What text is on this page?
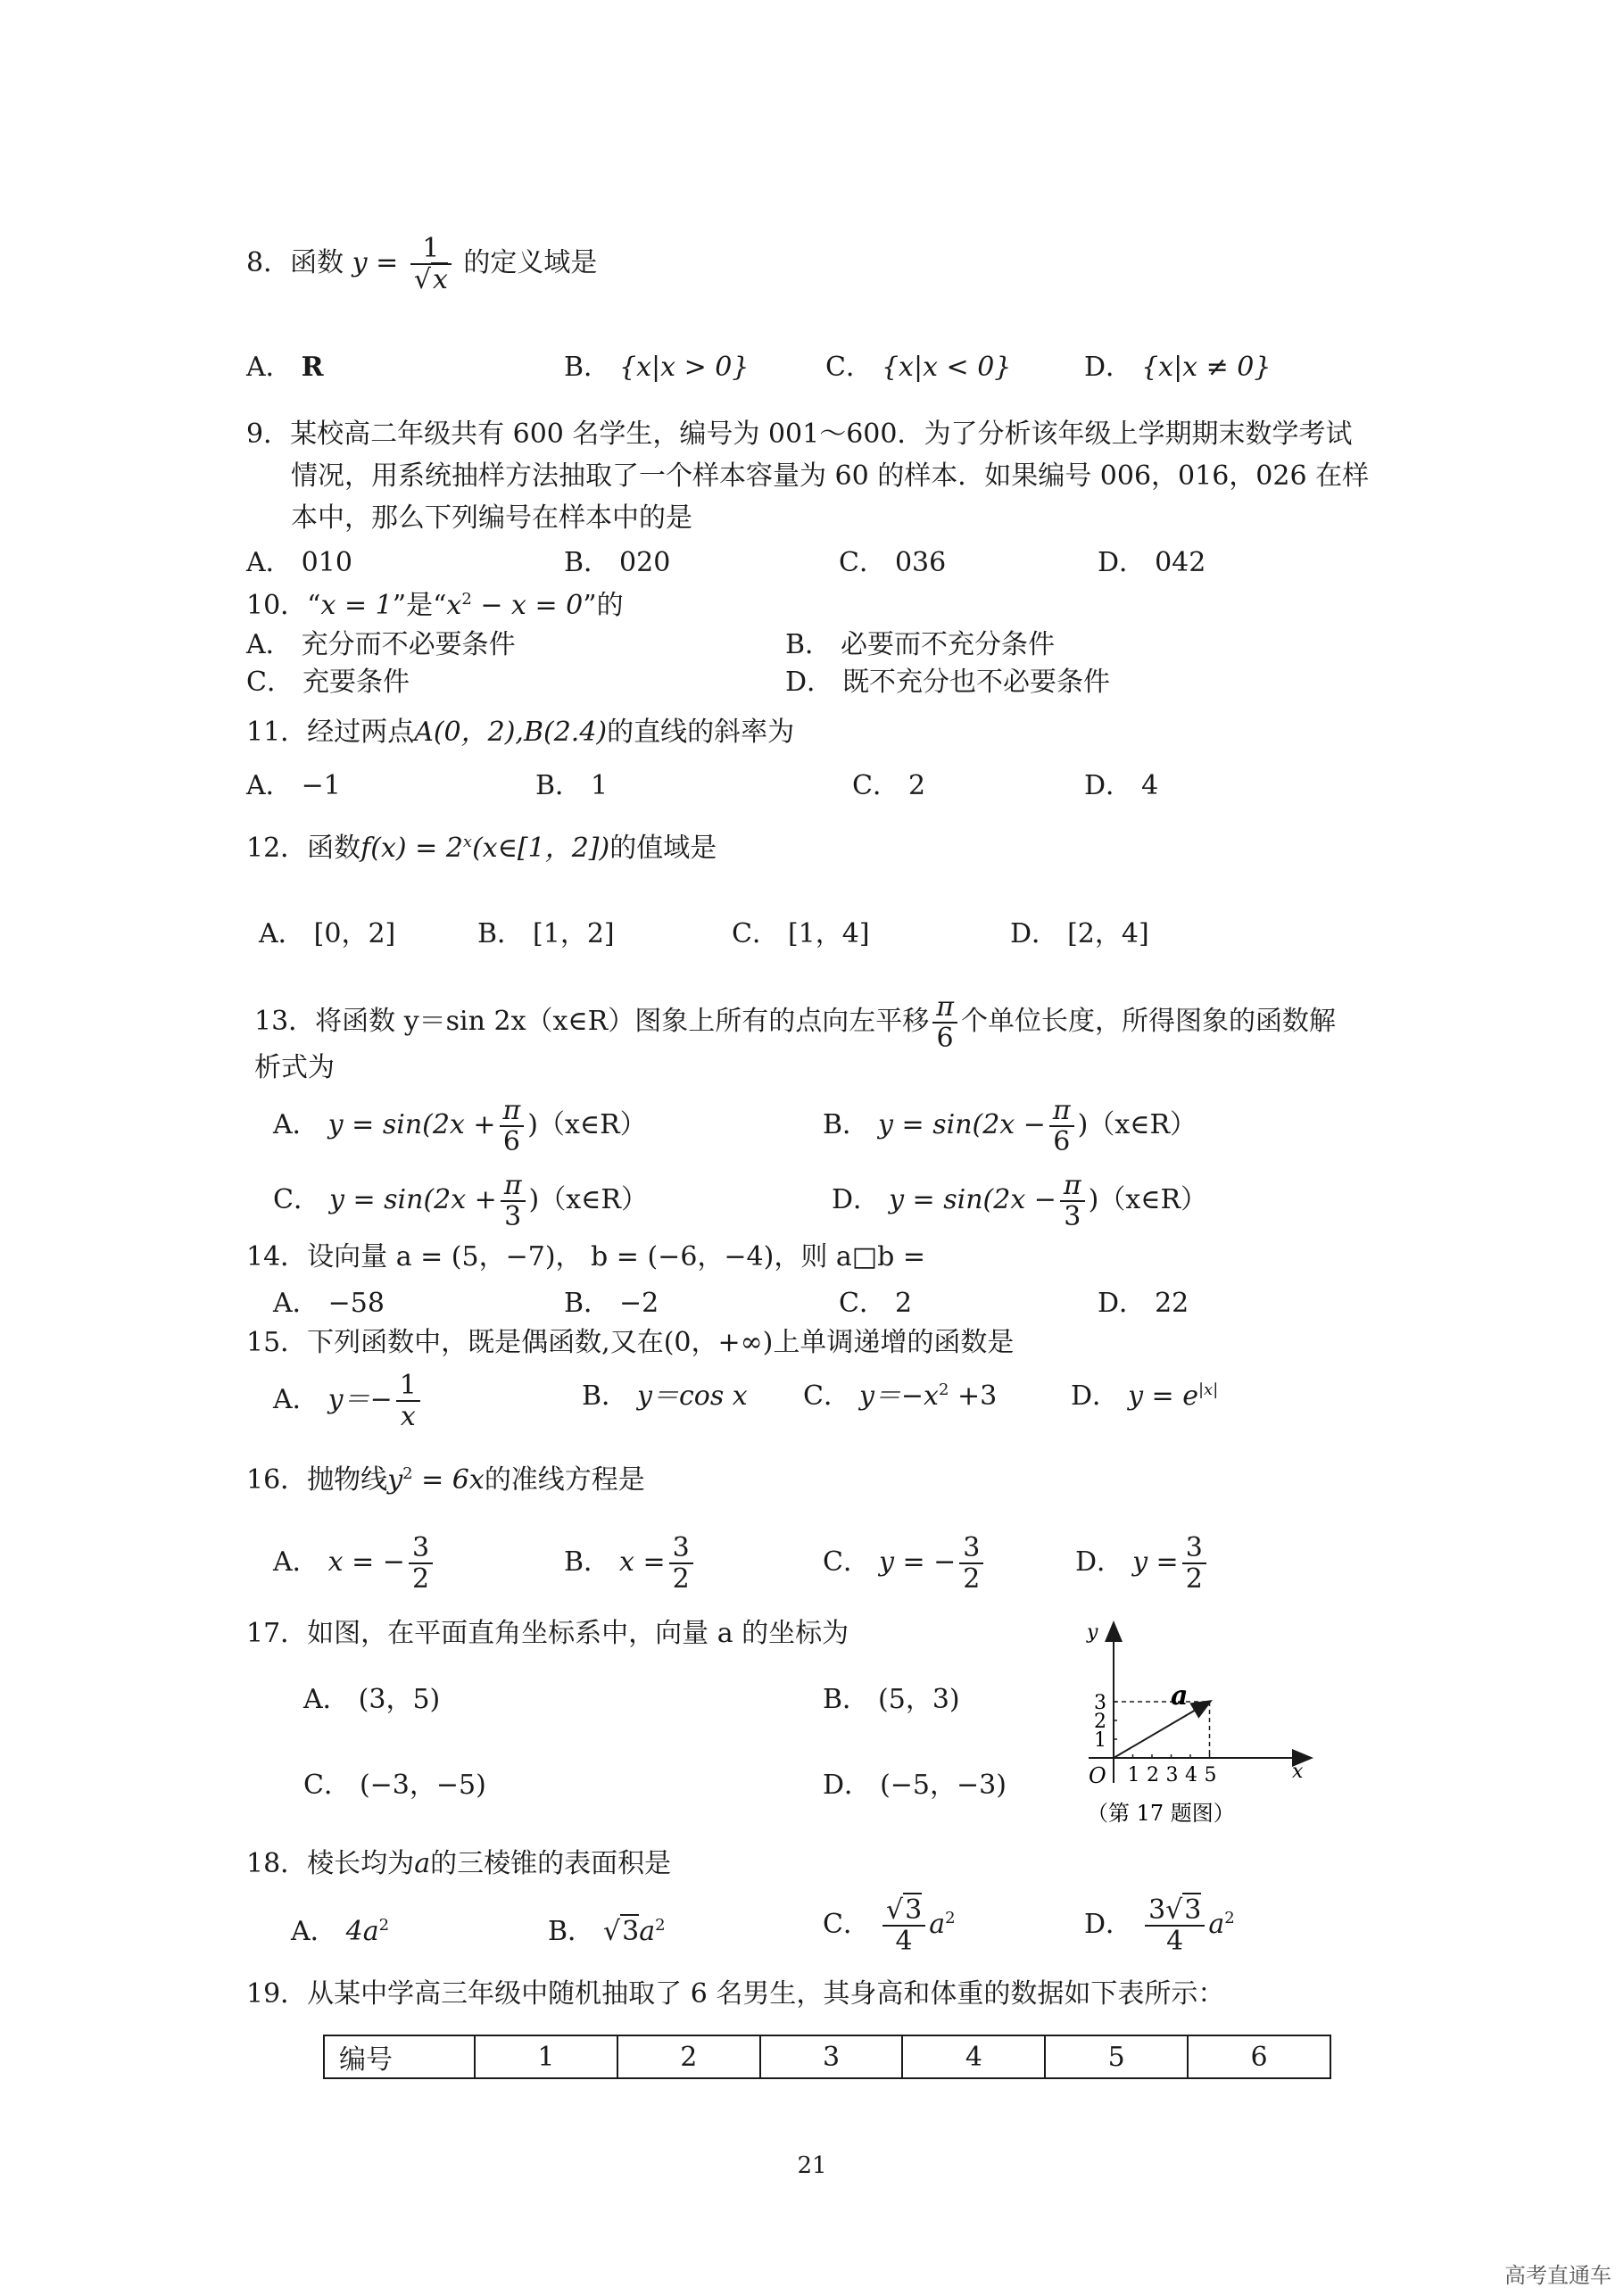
8．函数 $y = \frac{1}{√x}$ 的定义域是
A． R	B． {x|x > 0}	C． {x|x < 0}	D． {x|x ≠ 0}
9．某校高二年级共有 600 名学生，编号为 001～600．为了分析该年级上学期期末数学考试
情况，用系统抽样方法抽取了一个样本容量为 60 的样本．如果编号 006，016，026 在样
本中，那么下列编号在样本中的是
A． 010	B． 020	C． 036	D． 042
10．“x = 1”是“$x^2 - x = 0$”的
A． 充分而不必要条件	B． 必要而不充分条件
C． 充要条件	D． 既不充分也不必要条件
11．经过两点A(0，2),B(2.4)的直线的斜率为
A． −1	B． 1	C． 2	D． 4
12．函数$f(x) = 2^x(x\in[1$，2])的值域是
A． [0，2]	B． [1，2]	C． [1，4]	D． [2，4]
13．将函数 y＝sin 2x（x∈R）图象上所有的点向左平移 $\frac{\pi}{6}$ 个单位长度，所得图象的函数解
析式为
A． $y = \sin(2x + \frac{\pi}{6}$ )（x∈R）	B． $y = \sin(2x - \frac{\pi}{6}$ )（x∈R）
C． $y = \sin(2x + \frac{\pi}{3}$ )（x∈R）	D． $y = \sin(2x - \frac{\pi}{3}$ )（x∈R）
14．设向量 a = (5，−7)， b = (−6，−4)，则 a□b =
A． −58	B． −2	C． 2	D． 22
15．下列函数中，既是偶函数,又在(0，+∞)上单调递增的函数是
A． $y=- \frac{1}{x}$	B． y＝cos x C． $y=-x^2 +3$	D． $y = e^{|x|}$
16．抛物线$y^2 = 6x$的准线方程是
A． x = − $\frac{3}{2}$	B． $x = \frac{3}{2}$	C． y = − $\frac{3}{2}$	D． $y = \frac{3}{2}$
17．如图，在平面直角坐标系中，向量 a 的坐标为
A． (3，5)	B． (5，3)
C． (−3，−5)	D． (−5，−3)	1 2 3 4 5
1
2
3
y
x
O
a
（第 17 题图）
18．棱长均为a的三棱锥的表面积是
A． $4a^2$	B． $√3a^2$	C． $\frac{√3}{4} a^2$	D． $\frac{3√3}{4} a^2$
19．从某中学高三年级中随机抽取了 6 名男生，其身高和体重的数据如下表所示：
编号	1	2	3	4	5	6
21
高考直通车
